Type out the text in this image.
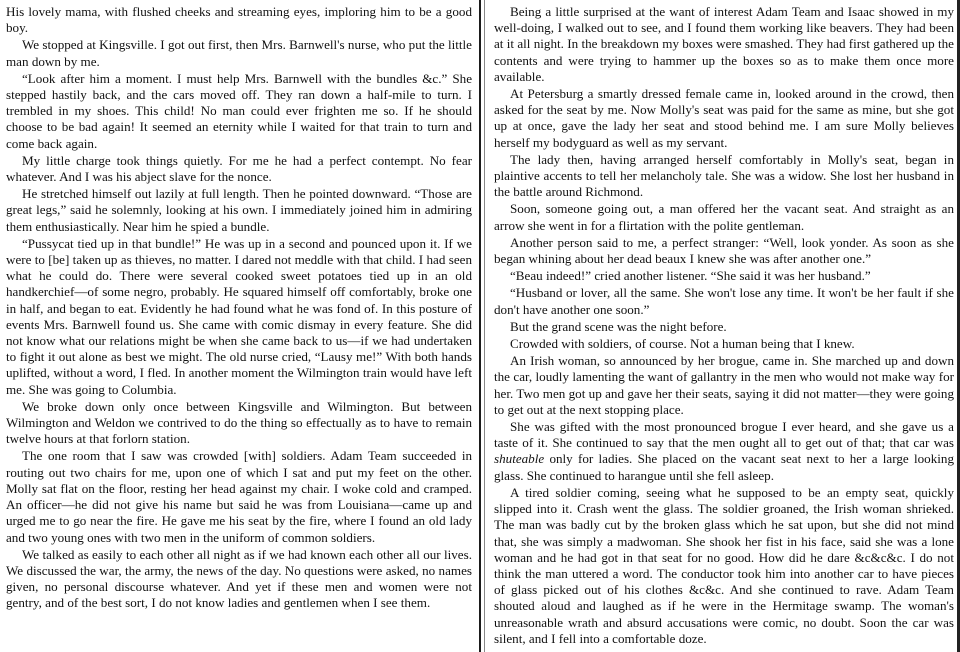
His lovely mama, with flushed cheeks and streaming eyes, imploring him to be a good boy.

We stopped at Kingsville. I got out first, then Mrs. Barnwell's nurse, who put the little man down by me.

“Look after him a moment. I must help Mrs. Barnwell with the bundles &c.” She stepped hastily back, and the cars moved off. They ran down a half-mile to turn. I trembled in my shoes. This child! No man could ever frighten me so. If he should choose to be bad again! It seemed an eternity while I waited for that train to turn and come back again.

My little charge took things quietly. For me he had a perfect contempt. No fear whatever. And I was his abject slave for the nonce.

He stretched himself out lazily at full length. Then he pointed downward. “Those are great legs,” said he solemnly, looking at his own. I immediately joined him in admiring them enthusiastically. Near him he spied a bundle.

“Pussycat tied up in that bundle!” He was up in a second and pounced upon it. If we were to [be] taken up as thieves, no matter. I dared not meddle with that child. I had seen what he could do. There were several cooked sweet potatoes tied up in an old handkerchief—of some negro, probably. He squared himself off comfortably, broke one in half, and began to eat. Evidently he had found what he was fond of. In this posture of events Mrs. Barnwell found us. She came with comic dismay in every feature. She did not know what our relations might be when she came back to us—if we had undertaken to fight it out alone as best we might. The old nurse cried, “Lausy me!” With both hands uplifted, without a word, I fled. In another moment the Wilmington train would have left me. She was going to Columbia.

We broke down only once between Kingsville and Wilmington. But between Wilmington and Weldon we contrived to do the thing so effectually as to have to remain twelve hours at that forlorn station.

The one room that I saw was crowded [with] soldiers. Adam Team succeeded in routing out two chairs for me, upon one of which I sat and put my feet on the other. Molly sat flat on the floor, resting her head against my chair. I woke cold and cramped. An officer—he did not give his name but said he was from Louisiana—came up and urged me to go near the fire. He gave me his seat by the fire, where I found an old lady and two young ones with two men in the uniform of common soldiers.

We talked as easily to each other all night as if we had known each other all our lives. We discussed the war, the army, the news of the day. No questions were asked, no names given, no personal discourse whatever. And yet if these men and women were not gentry, and of the best sort, I do not know ladies and gentlemen when I see them.

Being a little surprised at the want of interest Adam Team and Isaac showed in my well-doing, I walked out to see, and I found them working like beavers. They had been at it all night. In the breakdown my boxes were smashed. They had first gathered up the contents and were trying to hammer up the boxes so as to make them once more available.

At Petersburg a smartly dressed female came in, looked around in the crowd, then asked for the seat by me. Now Molly's seat was paid for the same as mine, but she got up at once, gave the lady her seat and stood behind me. I am sure Molly believes herself my bodyguard as well as my servant.

The lady then, having arranged herself comfortably in Molly's seat, began in plaintive accents to tell her melancholy tale. She was a widow. She lost her husband in the battle around Richmond.

Soon, someone going out, a man offered her the vacant seat. And straight as an arrow she went in for a flirtation with the polite gentleman.

Another person said to me, a perfect stranger: “Well, look yonder. As soon as she began whining about her dead beaux I knew she was after another one.”

“Beau indeed!” cried another listener. “She said it was her husband.”

“Husband or lover, all the same. She won't lose any time. It won't be her fault if she don't have another one soon.”

But the grand scene was the night before.

Crowded with soldiers, of course. Not a human being that I knew.

An Irish woman, so announced by her brogue, came in. She marched up and down the car, loudly lamenting the want of gallantry in the men who would not make way for her. Two men got up and gave her their seats, saying it did not matter—they were going to get out at the next stopping place.

She was gifted with the most pronounced brogue I ever heard, and she gave us a taste of it. She continued to say that the men ought all to get out of that; that car was shuteable only for ladies. She placed on the vacant seat next to her a large looking glass. She continued to harangue until she fell asleep.

A tired soldier coming, seeing what he supposed to be an empty seat, quickly slipped into it. Crash went the glass. The soldier groaned, the Irish woman shrieked. The man was badly cut by the broken glass which he sat upon, but she did not mind that, she was simply a madwoman. She shook her fist in his face, said she was a lone woman and he had got in that seat for no good. How did he dare &c&c&c. I do not think the man uttered a word. The conductor took him into another car to have pieces of glass picked out of his clothes &c&c. And she continued to rave. Adam Team shouted aloud and laughed as if he were in the Hermitage swamp. The woman's unreasonable wrath and absurd accusations were comic, no doubt. Soon the car was silent, and I fell into a comfortable doze.
